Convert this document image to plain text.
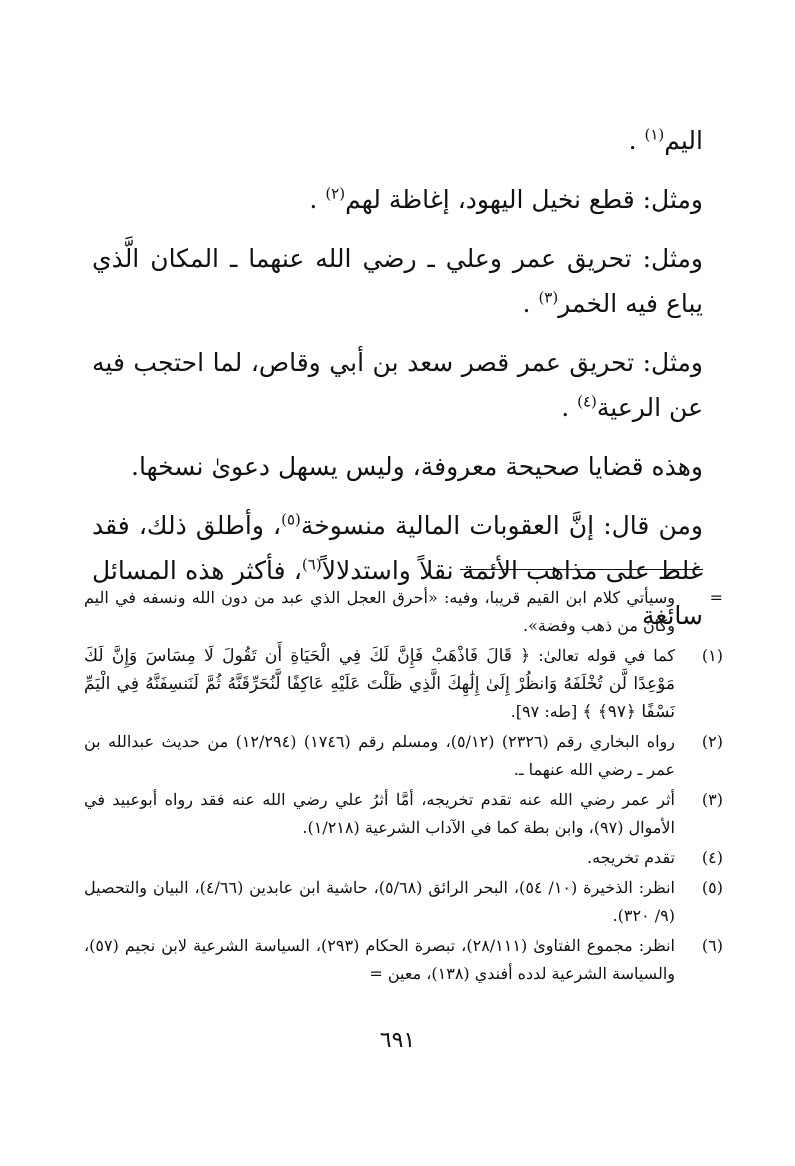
اليم$^{(١)}$ .

ومثل: قطع نخيل اليهود، إغاظة لهم$^{(٢)}$ .

ومثل: تحريق عمر وعلي ـ رضي الله عنهما ـ المكان الَّذي يباع فيه الخمر$^{(٣)}$ .

ومثل: تحريق عمر قصر سعد بن أبي وقاص، لما احتجب فيه عن الرعية$^{(٤)}$ .

وهذه قضايا صحيحة معروفة، وليس يسهل دعوىٰ نسخها.

ومن قال: إنَّ العقوبات المالية منسوخة$^{(٥)}$، وأطلق ذلك، فقد غلط على مذاهب الأئمة نقلاً واستدلالاً$^{(٦)}$، فأكثر هذه المسائل سائغة

=
وسيأتي كلام ابن القيم قريبا، وفيه: «أحرق العجل الذي عبد من دون الله ونسفه في اليم وكان من ذهب وفضة».
(١)
كما في قوله تعالىٰ: ﴿ قَالَ فَاذْهَبْ فَإِنَّ لَكَ فِي الْحَيَاةِ أَن تَقُولَ لَا مِسَاسَ وَإِنَّ لَكَ مَوْعِدًا لَّن تُخْلَفَهُ وَانظُرْ إِلَىٰ إِلَٰهِكَ الَّذِي ظَلْتَ عَلَيْهِ عَاكِفًا لَّنُحَرِّقَنَّهُ ثُمَّ لَنَنسِفَنَّهُ فِي الْيَمِّ نَسْفًا ﴿٩٧﴾ ﴾ [طه: ٩٧].
(٢)
رواه البخاري رقم (٢٣٢٦) (٥/١٢)، ومسلم رقم (١٧٤٦) (١٢/٢٩٤) من حديث عبدالله بن عمر ـ رضي الله عنهما ـ.
(٣)
أثر عمر رضي الله عنه تقدم تخريجه، أمَّا أثرُ علي رضي الله عنه فقد رواه أبوعبيد في الأموال (٩٧)، وابن بطة كما في الآداب الشرعية (١/٢١٨).
(٤)
تقدم تخريجه.
(٥)
انظر: الذخيرة (١٠/ ٥٤)، البحر الرائق (٥/٦٨)، حاشية ابن عابدين (٤/٦٦)، البيان والتحصيل (٩/ ٣٢٠).
(٦)
انظر: مجموع الفتاوىٰ (٢٨/١١١)، تبصرة الحكام (٢٩٣)، السياسة الشرعية لابن نجيم (٥٧)، والسياسة الشرعية لدده أفندي (١٣٨)، معين =
٦٩١
